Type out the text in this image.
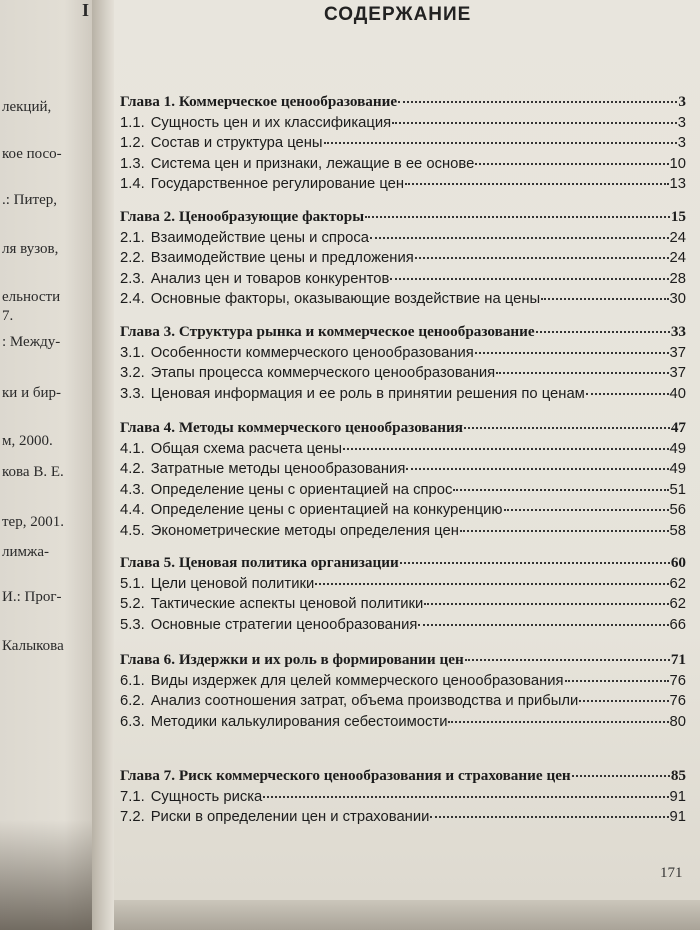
I
лекций,
кое посо-
.: Питер,
ля вузов,
ельности
7.
: Между-
ки и бир-
м, 2000.
кова В. Е.
тер, 2001.
лимжа-
И.: Прог-
Калыкова
СОДЕРЖАНИЕ
Глава 1. Коммерческое ценообразование	3
1.1. Сущность цен и их классификация	3
1.2. Состав и структура цены	3
1.3. Система цен и признаки, лежащие в ее основе	10
1.4. Государственное регулирование цен	13
Глава 2. Ценообразующие факторы	15
2.1. Взаимодействие цены и спроса	24
2.2. Взаимодействие цены и предложения	24
2.3. Анализ цен и товаров конкурентов	28
2.4. Основные факторы, оказывающие воздействие на цены	30
Глава 3. Структура рынка и коммерческое ценообразование	33
3.1. Особенности коммерческого ценообразования	37
3.2. Этапы процесса коммерческого ценообразования	37
3.3. Ценовая информация и ее роль в принятии решения по ценам	40
Глава 4. Методы коммерческого ценообразования	47
4.1. Общая схема расчета цены	49
4.2. Затратные методы ценообразования	49
4.3. Определение цены с ориентацией на спрос	51
4.4. Определение цены с ориентацией на конкуренцию	56
4.5. Эконометрические методы определения цен	58
Глава 5. Ценовая политика организации	60
5.1. Цели ценовой политики	62
5.2. Тактические аспекты ценовой политики	62
5.3. Основные стратегии ценообразования	66
Глава 6. Издержки и их роль в формировании цен	71
6.1. Виды издержек для целей коммерческого ценообразования	76
6.2. Анализ соотношения затрат, объема производства и прибыли	76
6.3. Методики калькулирования себестоимости	80
Глава 7. Риск коммерческого ценообразования и страхование цен	85
7.1. Сущность риска	91
7.2. Риски в определении цен и страховании	91
171
